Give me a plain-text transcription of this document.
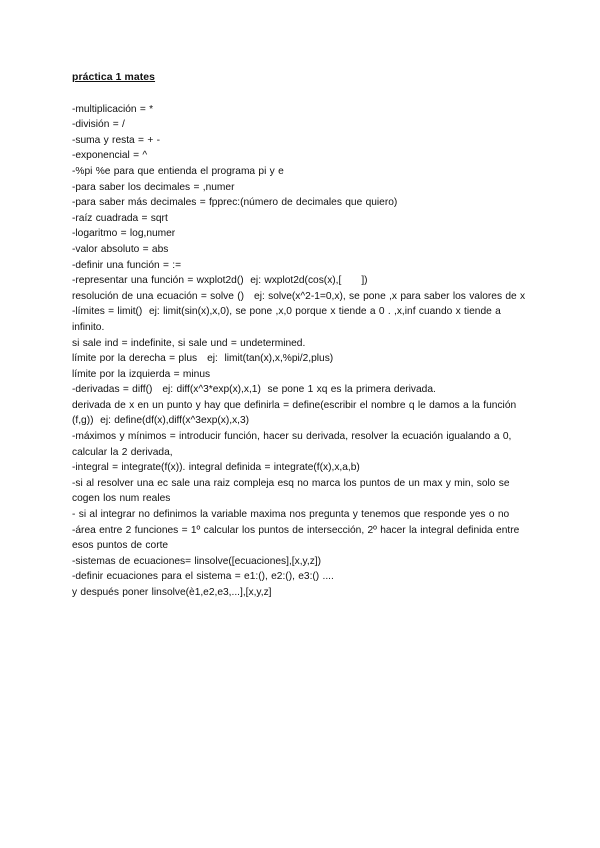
práctica 1 mates

-multiplicación = *

-división = /

-suma y resta = + -

-exponencial = ^

-%pi %e para que entienda el programa pi y e

-para saber los decimales = ,numer

-para saber más decimales = fpprec:(número de decimales que quiero)

-raíz cuadrada = sqrt

-logaritmo = log,numer

-valor absoluto = abs

-definir una función = :=

-representar una función = wxplot2d()  ej: wxplot2d(cos(x),[      ])

resolución de una ecuación = solve ()   ej: solve(x^2-1=0,x), se pone ,x para saber los valores de x

-límites = limit()  ej: limit(sin(x),x,0), se pone ,x,0 porque x tiende a 0 . ,x,inf cuando x tiende a infinito.

si sale ind = indefinite, si sale und = undetermined.

límite por la derecha = plus   ej:  limit(tan(x),x,%pi/2,plus)

límite por la izquierda = minus

-derivadas = diff()   ej: diff(x^3*exp(x),x,1)  se pone 1 xq es la primera derivada.

derivada de x en un punto y hay que definirla = define(escribir el nombre q le damos a la función (f,g))  ej: define(df(x),diff(x^3exp(x),x,3)

-máximos y mínimos = introducir función, hacer su derivada, resolver la ecuación igualando a 0, calcular la 2 derivada,

-integral = integrate(f(x)). integral definida = integrate(f(x),x,a,b)

-si al resolver una ec sale una raiz compleja esq no marca los puntos de un max y min, solo se cogen los num reales

- si al integrar no definimos la variable maxima nos pregunta y tenemos que responde yes o no

-área entre 2 funciones = 1º calcular los puntos de intersección, 2º hacer la integral definida entre esos puntos de corte

-sistemas de ecuaciones= linsolve([ecuaciones],[x,y,z])

-definir ecuaciones para el sistema = e1:(), e2:(), e3:() ....

y después poner linsolve(è1,e2,e3,...],[x,y,z]
